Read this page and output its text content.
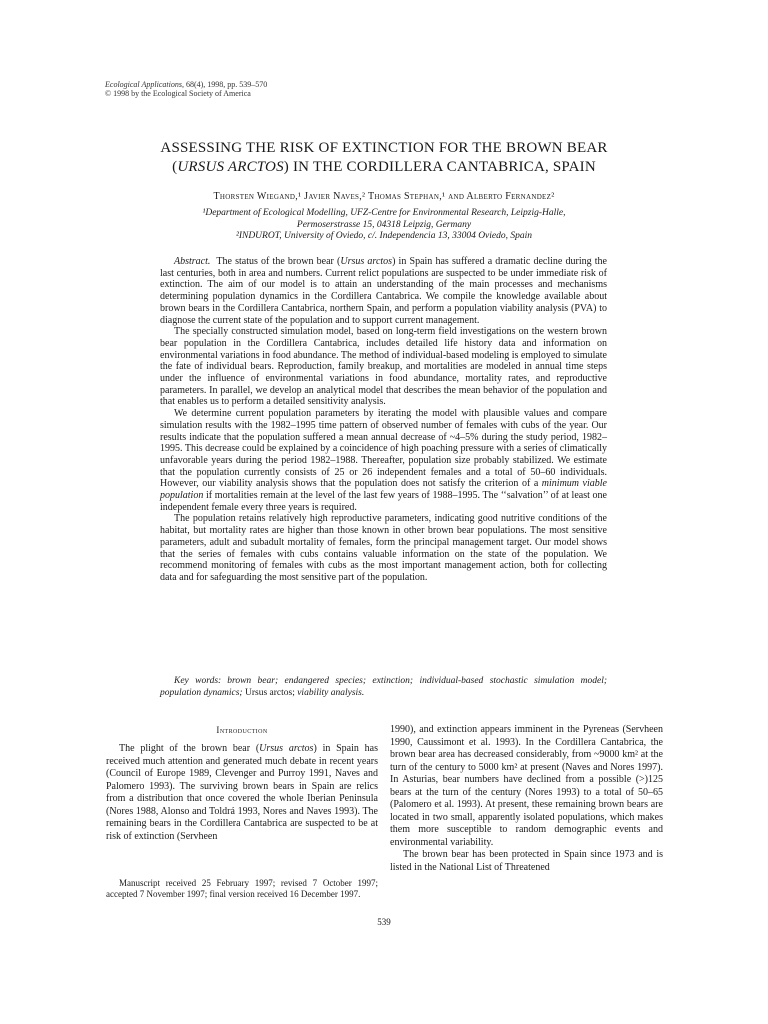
Ecological Applications, 68(4), 1998, pp. 539–570
© 1998 by the Ecological Society of America
ASSESSING THE RISK OF EXTINCTION FOR THE BROWN BEAR
(URSUS ARCTOS) IN THE CORDILLERA CANTABRICA, SPAIN
Thorsten Wiegand,¹ Javier Naves,² Thomas Stephan,¹ and Alberto Fernandez²
¹Department of Ecological Modelling, UFZ-Centre for Environmental Research, Leipzig-Halle,
Permoserstrasse 15, 04318 Leipzig, Germany
²INDUROT, University of Oviedo, c/. Independencia 13, 33004 Oviedo, Spain

Abstract. The status of the brown bear (Ursus arctos) in Spain has suffered a dramatic decline during the last centuries, both in area and numbers. Current relict populations are suspected to be under immediate risk of extinction. The aim of our model is to attain an understanding of the main processes and mechanisms determining population dynamics in the Cordillera Cantabrica. We compile the knowledge available about brown bears in the Cordillera Cantabrica, northern Spain, and perform a population viability analysis (PVA) to diagnose the current state of the population and to support current management.

The specially constructed simulation model, based on long-term field investigations on the western brown bear population in the Cordillera Cantabrica, includes detailed life history data and information on environmental variations in food abundance. The method of individual-based modeling is employed to simulate the fate of individual bears. Reproduction, family breakup, and mortalities are modeled in annual time steps under the influence of environmental variations in food abundance, mortality rates, and reproductive parameters. In parallel, we develop an analytical model that describes the mean behavior of the population and that enables us to perform a detailed sensitivity analysis.

We determine current population parameters by iterating the model with plausible values and compare simulation results with the 1982–1995 time pattern of observed number of females with cubs of the year. Our results indicate that the population suffered a mean annual decrease of ~4–5% during the study period, 1982–1995. This decrease could be explained by a coincidence of high poaching pressure with a series of climatically unfavorable years during the period 1982–1988. Thereafter, population size probably stabilized. We estimate that the population currently consists of 25 or 26 independent females and a total of 50–60 individuals. However, our viability analysis shows that the population does not satisfy the criterion of a minimum viable population if mortalities remain at the level of the last few years of 1988–1995. The ‘‘salvation’’ of at least one independent female every three years is required.

The population retains relatively high reproductive parameters, indicating good nutritive conditions of the habitat, but mortality rates are higher than those known in other brown bear populations. The most sensitive parameters, adult and subadult mortality of females, form the principal management target. Our model shows that the series of females with cubs contains valuable information on the state of the population. We recommend monitoring of females with cubs as the most important management action, both for collecting data and for safeguarding the most sensitive part of the population.

Key words: brown bear; endangered species; extinction; individual-based stochastic simulation model; population dynamics; Ursus arctos; viability analysis.
Introduction

The plight of the brown bear (Ursus arctos) in Spain has received much attention and generated much debate in recent years (Council of Europe 1989, Clevenger and Purroy 1991, Naves and Palomero 1993). The surviving brown bears in Spain are relics from a distribution that once covered the whole Iberian Peninsula (Nores 1988, Alonso and Toldrá 1993, Nores and Naves 1993). The remaining bears in the Cordillera Cantabrica are suspected to be at risk of extinction (Servheen

Manuscript received 25 February 1997; revised 7 October 1997; accepted 7 November 1997; final version received 16 December 1997.

1990), and extinction appears imminent in the Pyreneas (Servheen 1990, Caussimont et al. 1993). In the Cordillera Cantabrica, the brown bear area has decreased considerably, from ~9000 km² at the turn of the century to 5000 km² at present (Naves and Nores 1997). In Asturias, bear numbers have declined from a possible (>)125 bears at the turn of the century (Nores 1993) to a total of 50–65 (Palomero et al. 1993). At present, these remaining brown bears are located in two small, apparently isolated populations, which makes them more susceptible to random demographic events and environmental variability.

The brown bear has been protected in Spain since 1973 and is listed in the National List of Threatened

539
